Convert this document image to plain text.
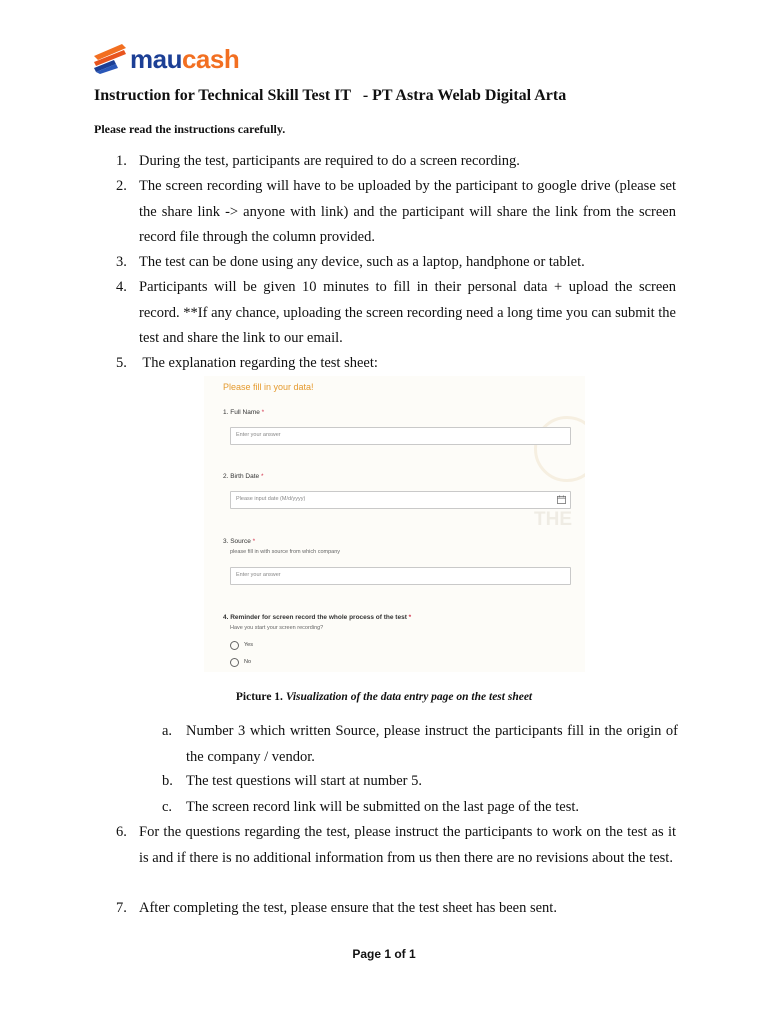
maucash
Instruction for Technical Skill Test IT   - PT Astra Welab Digital Arta

Please read the instructions carefully.

1. During the test, participants are required to do a screen recording.
2. The screen recording will have to be uploaded by the participant to google drive (please set the share link -> anyone with link) and the participant will share the link from the screen record file through the column provided.
3. The test can be done using any device, such as a laptop, handphone or tablet.
4. Participants will be given 10 minutes to fill in their personal data + upload the screen record. **If any chance, uploading the screen recording need a long time you can submit the test and share the link to our email.
5. The explanation regarding the test sheet:
THE
Please fill in your data!
1. Full Name *
Enter your answer
2. Birth Date *
Please input date (M/d/yyyy)
3. Source *
please fill in with source from which company
Enter your answer
4. Reminder for screen record the whole process of the test *
Have you start your screen recording?
Yes
No
Picture 1. Visualization of the data entry page on the test sheet
a. Number 3 which written Source, please instruct the participants fill in the origin of the company / vendor.
b. The test questions will start at number 5.
c. The screen record link will be submitted on the last page of the test.
6. For the questions regarding the test, please instruct the participants to work on the test as it is and if there is no additional information from us then there are no revisions about the test.
7. After completing the test, please ensure that the test sheet has been sent.
Page 1 of 1
